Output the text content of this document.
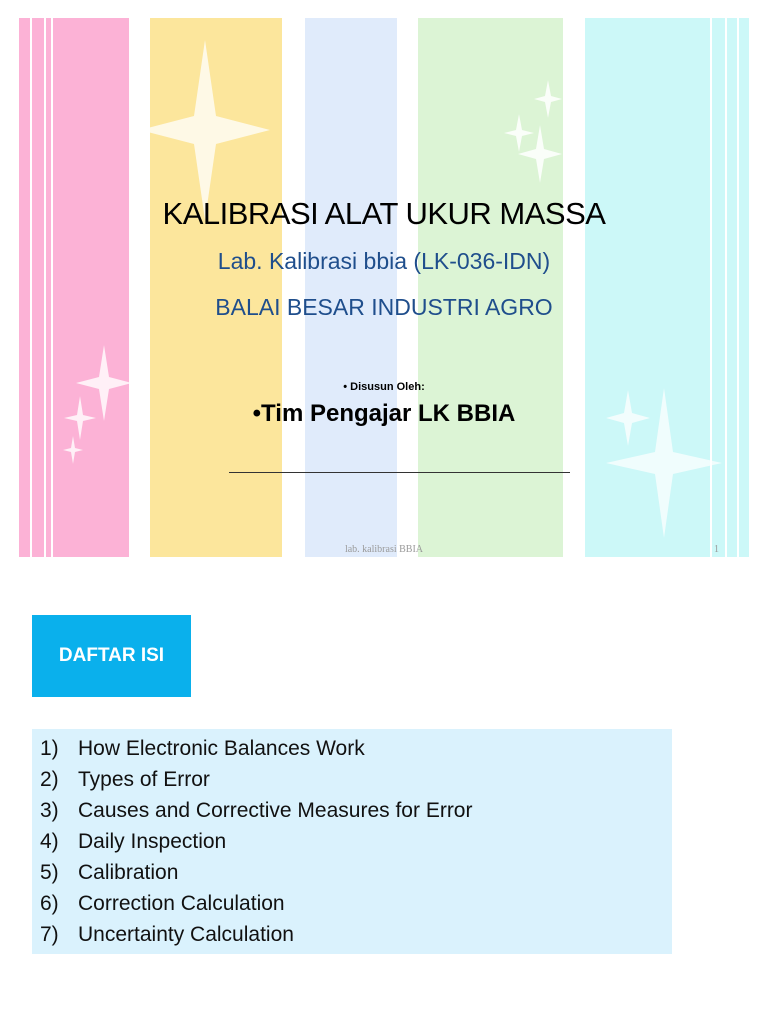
KALIBRASI ALAT UKUR MASSA
Lab. Kalibrasi bbia (LK-036-IDN)
BALAI BESAR INDUSTRI AGRO
• Disusun Oleh:
•Tim Pengajar LK BBIA
lab. kalibrasi BBIA	1
DAFTAR ISI
1) How Electronic Balances Work
2) Types of Error
3) Causes and Corrective Measures for Error
4) Daily Inspection
5) Calibration
6) Correction Calculation
7) Uncertainty Calculation
